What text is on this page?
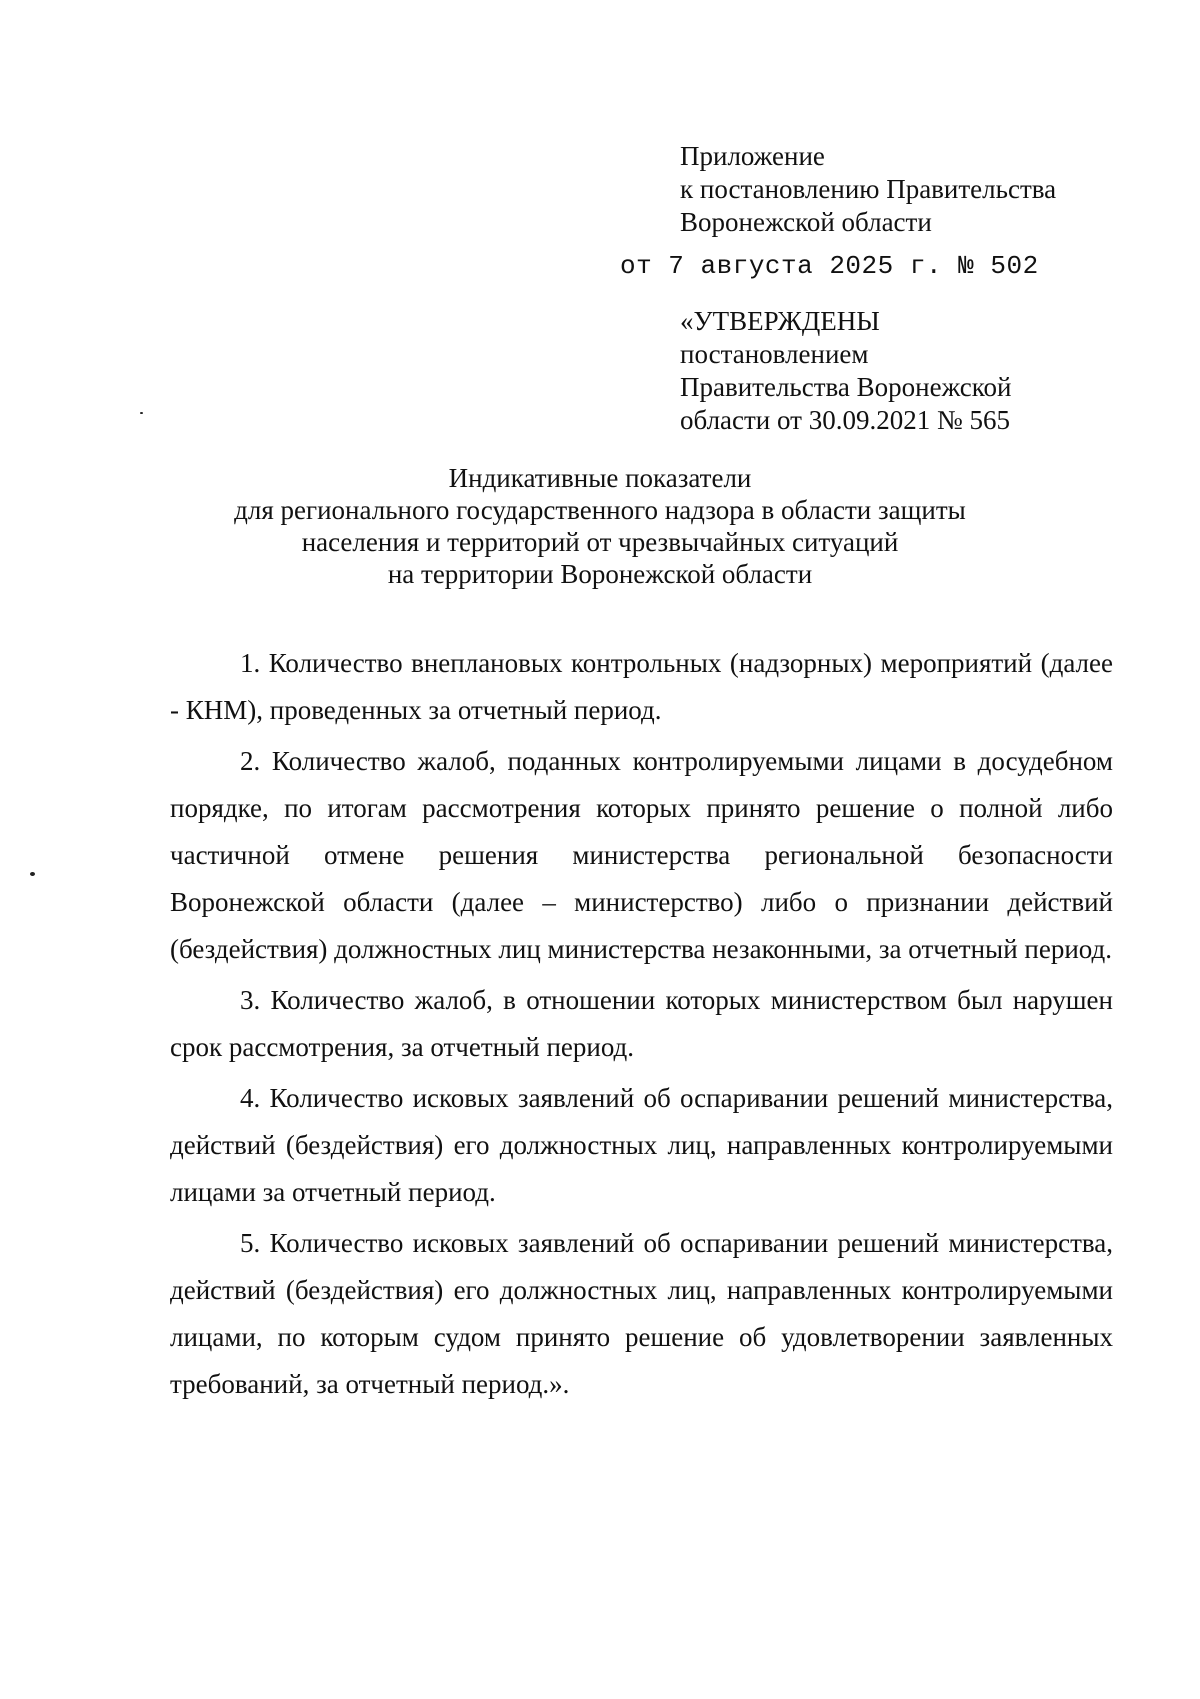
Приложение
к постановлению Правительства
Воронежской области
от 7 августа 2025 г. № 502
«УТВЕРЖДЕНЫ
постановлением
Правительства Воронежской
области от 30.09.2021 № 565
Индикативные показатели
для регионального государственного надзора в области защиты
населения и территорий от чрезвычайных ситуаций
на территории Воронежской области

1. Количество внеплановых контрольных (надзорных) мероприятий (далее - КНМ), проведенных за отчетный период.

2. Количество жалоб, поданных контролируемыми лицами в досудебном порядке, по итогам рассмотрения которых принято решение о полной либо частичной отмене решения министерства региональной безопасности Воронежской области (далее – министерство) либо о признании действий (бездействия) должностных лиц министерства незаконными, за отчетный период.

3. Количество жалоб, в отношении которых министерством был нарушен срок рассмотрения, за отчетный период.

4. Количество исковых заявлений об оспаривании решений министерства, действий (бездействия) его должностных лиц, направленных контролируемыми лицами за отчетный период.

5. Количество исковых заявлений об оспаривании решений министерства, действий (бездействия) его должностных лиц, направленных контролируемыми лицами, по которым судом принято решение об удовлетворении заявленных требований, за отчетный период.».
